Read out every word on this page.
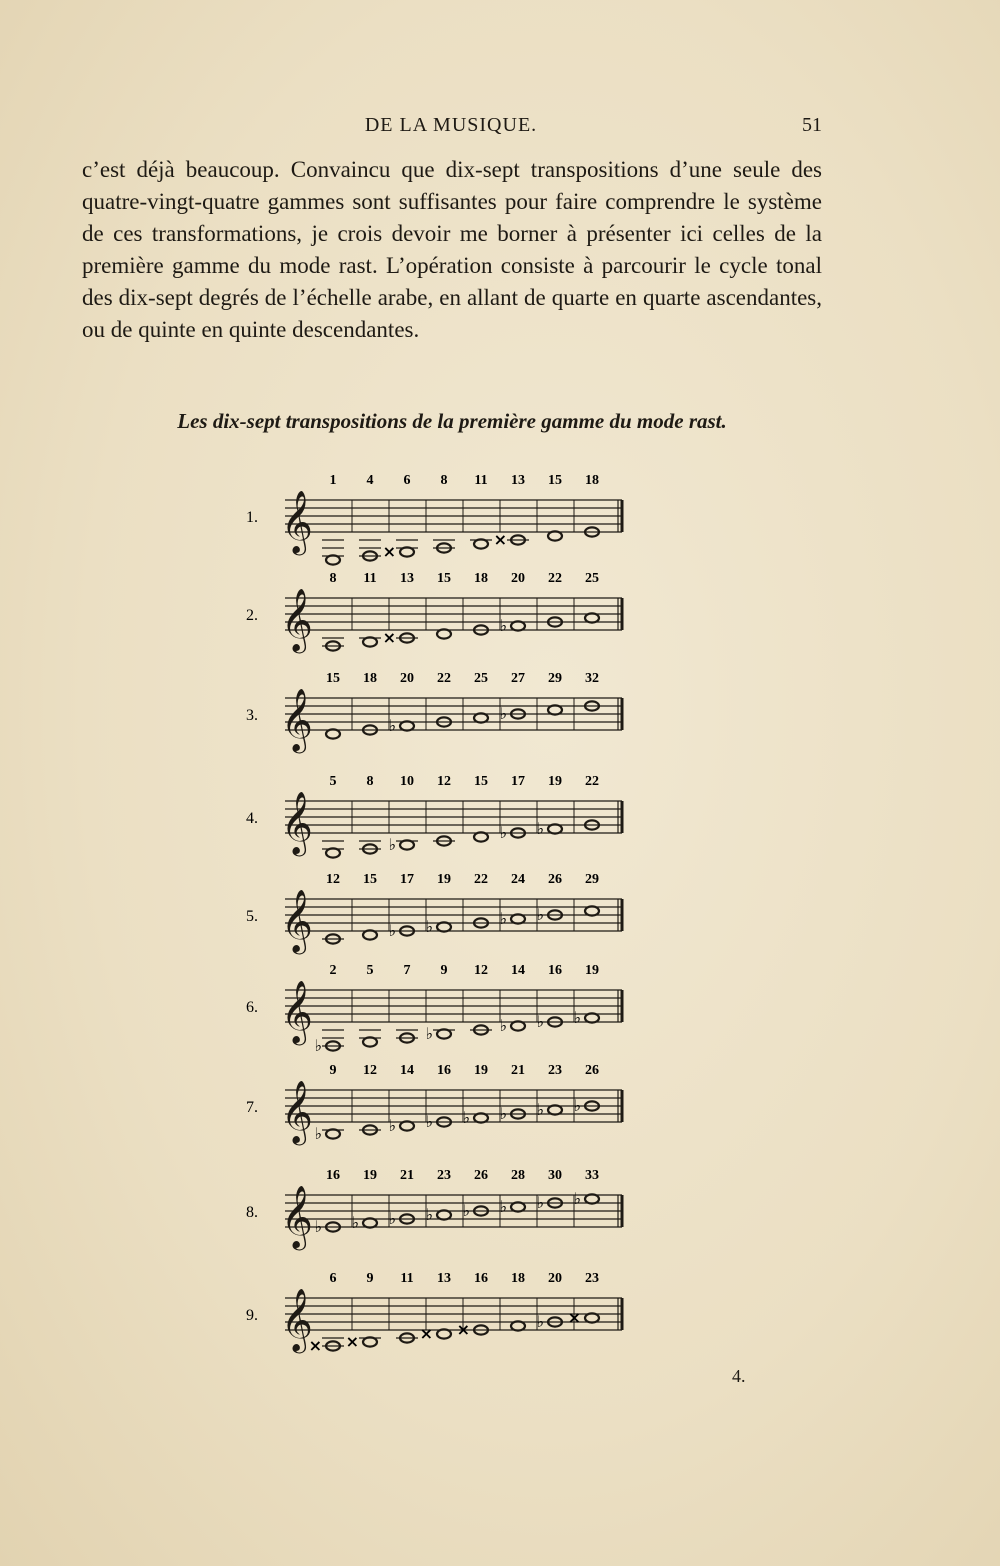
DE LA MUSIQUE.	51

c’est déjà beaucoup. Convaincu que dix-sept transpositions d’une seule des quatre-vingt-quatre gammes sont suffisantes pour faire comprendre le système de ces transformations, je crois devoir me borner à présenter ici celles de la première gamme du mode rast. L’opération consiste à parcourir le cycle tonal des dix-sept degrés de l’échelle arabe, en allant de quarte en quarte ascendantes, ou de quinte en quinte descendantes.

Les dix-sept transpositions de la première gamme du mode rast.
1. 𝄞
1 4 6 8 11 13 15 18
×
×
2. 𝄞
8 11 13 15 18 20 22 25
×
♭
3. 𝄞
15 18 20 22 25 27 29 32
♭
♭
4. 𝄞
5 8 10 12 15 17 19 22
♭
♭ ♭
5. 𝄞
12 15 17 19 22 24 26 29
♭ ♭	♭ ♭
6. 𝄞
2 5 7 9 12 14 16 19
♭
♭	♭ ♭ ♭
7. 𝄞
9 12 14 16 19 21 23 26
♭	♭ ♭ ♭ ♭ ♭ ♭
8. 𝄞
16 19 21 23 26 28 30 33
♭ ♭ ♭ ♭ ♭ ♭ ♭ ♭
9. 𝄞
6 9 11 13 16 18 20 23
× ×	× ×	♭ ×
4.
